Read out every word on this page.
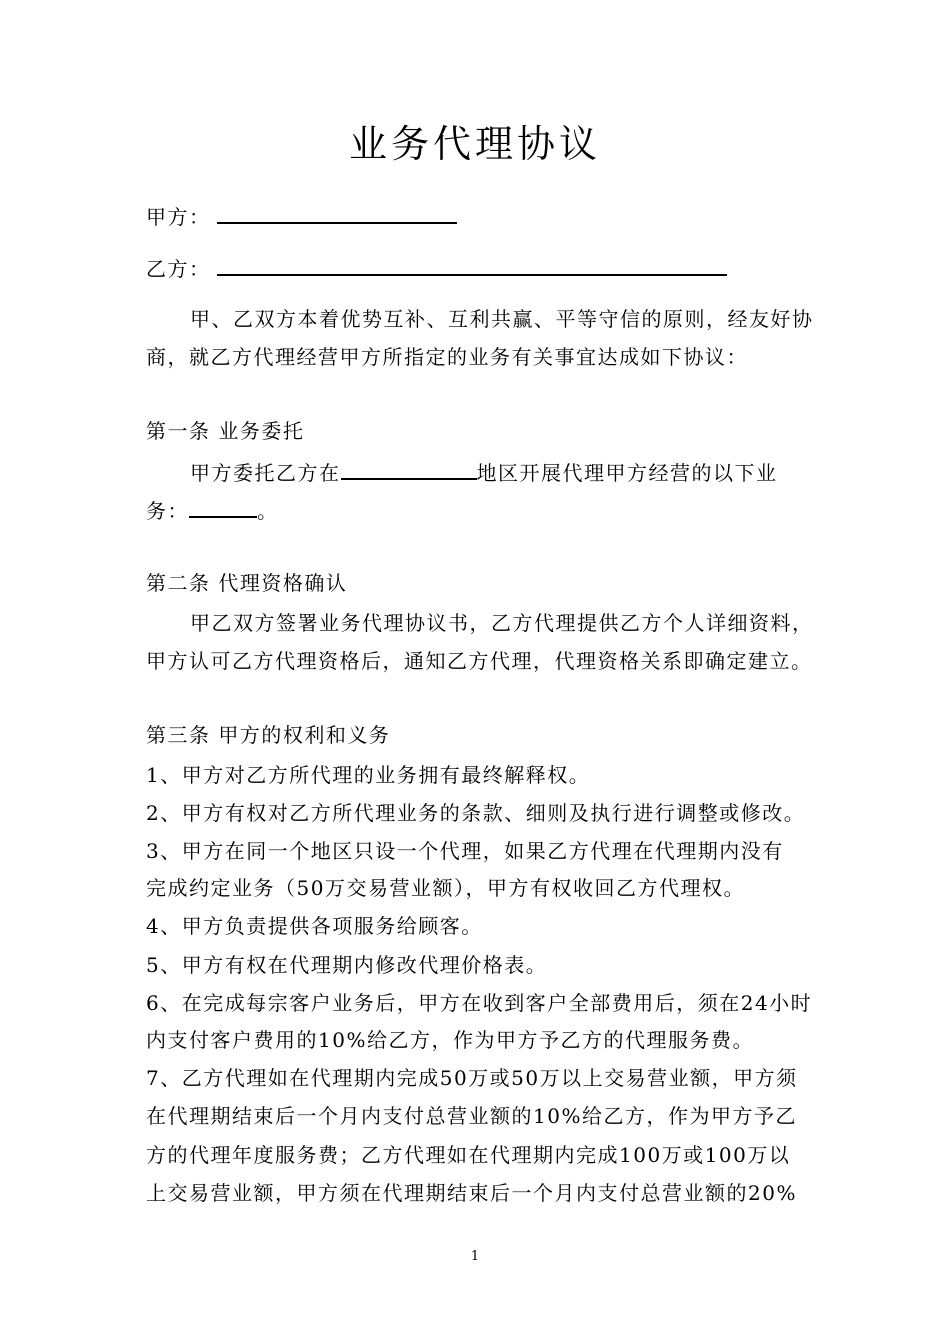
业务代理协议
甲方：
乙方：
甲、乙双方本着优势互补、互利共赢、平等守信的原则，经友好协
商，就乙方代理经营甲方所指定的业务有关事宜达成如下协议：
第一条 业务委托
甲方委托乙方在	地区开展代理甲方经营的以下业
务：	。
第二条 代理资格确认
甲乙双方签署业务代理协议书，乙方代理提供乙方个人详细资料，
甲方认可乙方代理资格后，通知乙方代理，代理资格关系即确定建立。
第三条 甲方的权利和义务
1、甲方对乙方所代理的业务拥有最终解释权。
2、甲方有权对乙方所代理业务的条款、细则及执行进行调整或修改。
3、甲方在同一个地区只设一个代理，如果乙方代理在代理期内没有
完成约定业务（50万交易营业额），甲方有权收回乙方代理权。
4、甲方负责提供各项服务给顾客。
5、甲方有权在代理期内修改代理价格表。
6、在完成每宗客户业务后，甲方在收到客户全部费用后，须在24小时
内支付客户费用的10%给乙方，作为甲方予乙方的代理服务费。
7、乙方代理如在代理期内完成50万或50万以上交易营业额，甲方须
在代理期结束后一个月内支付总营业额的10%给乙方，作为甲方予乙
方的代理年度服务费；乙方代理如在代理期内完成100万或100万以
上交易营业额，甲方须在代理期结束后一个月内支付总营业额的20%
1
